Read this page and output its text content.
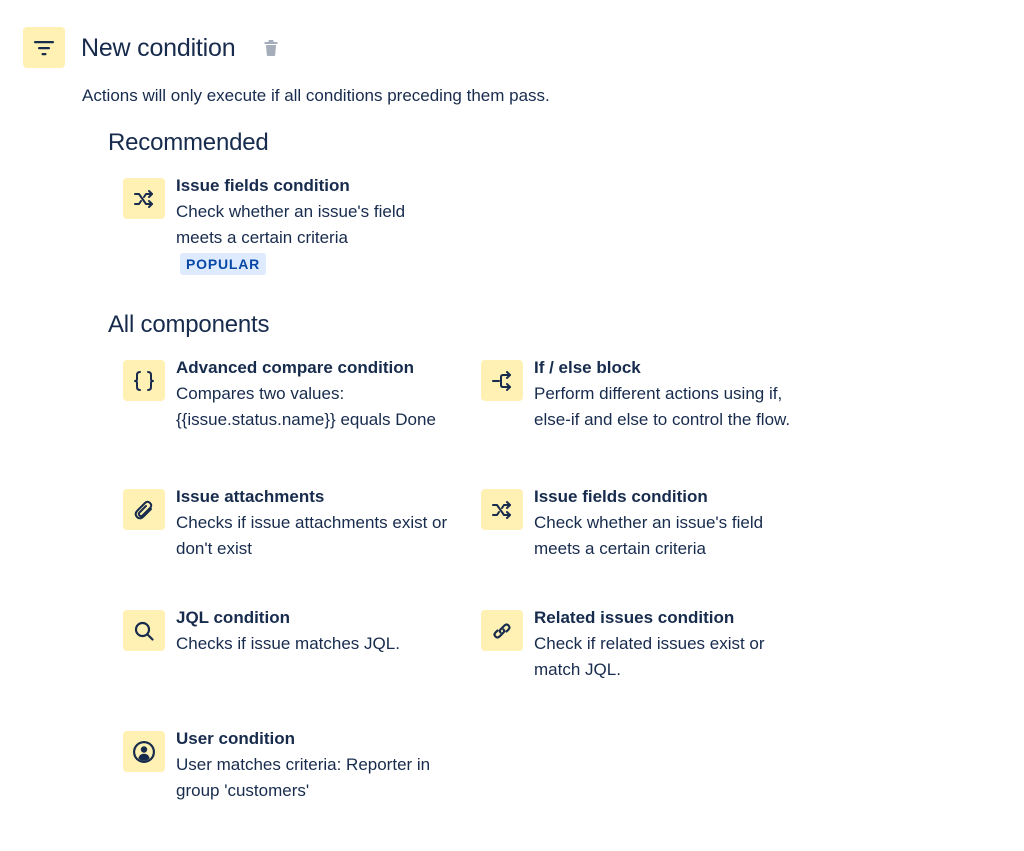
New condition
Actions will only execute if all conditions preceding them pass.
Recommended
Issue fields condition
Check whether an issue's field meets a certain criteria
POPULAR
All components
Advanced compare condition
Compares two values: {{issue.status.name}} equals Done
If / else block
Perform different actions using if, else-if and else to control the flow.
Issue attachments
Checks if issue attachments exist or don't exist
Issue fields condition
Check whether an issue's field meets a certain criteria
JQL condition
Checks if issue matches JQL.
Related issues condition
Check if related issues exist or match JQL.
User condition
User matches criteria: Reporter in group 'customers'
